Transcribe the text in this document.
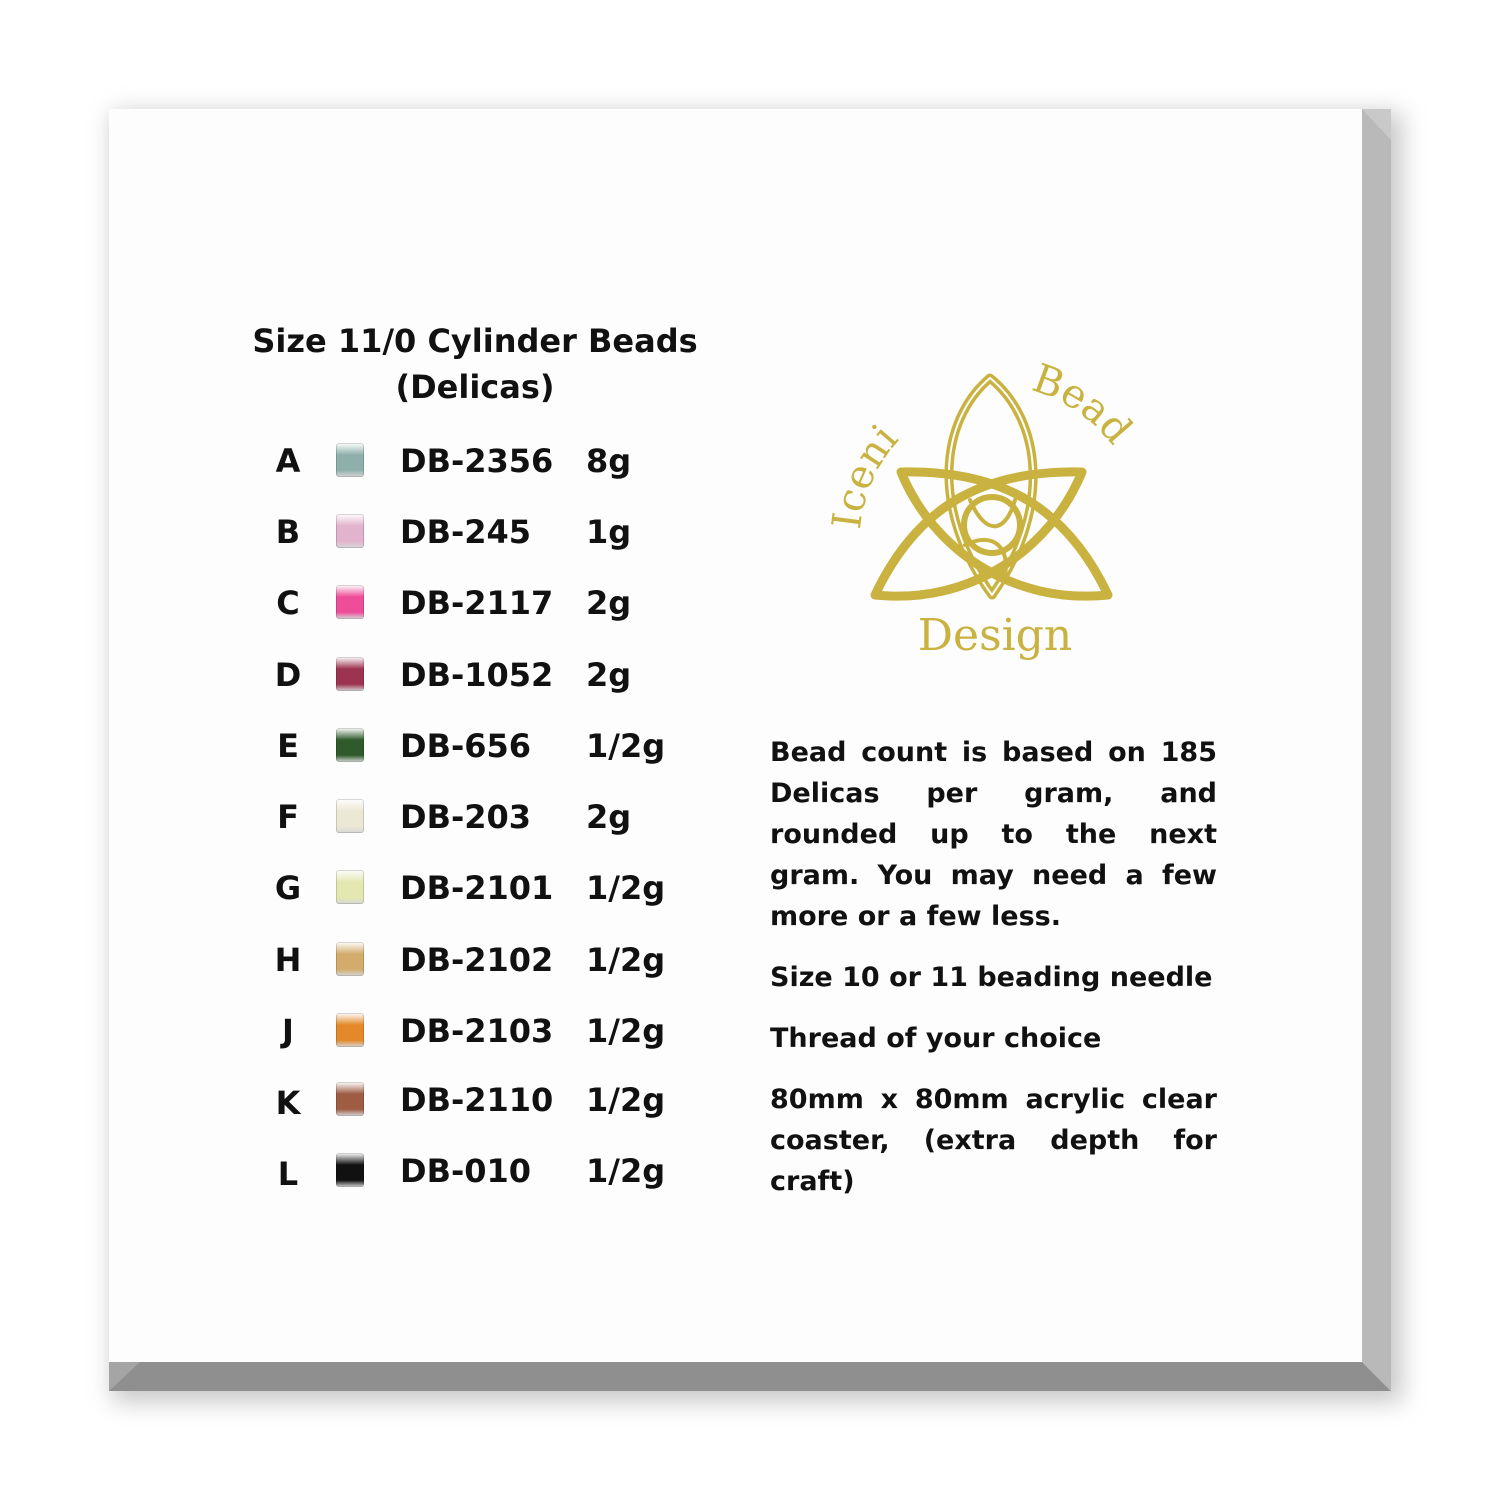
Size 11/0 Cylinder Beads
(Delicas)
A	DB-2356 8g
B	DB-245 1g
C	DB-2117 2g
D	DB-1052 2g
E	DB-656 1/2g
F	DB-203 2g
G	DB-2101 1/2g
H	DB-2102 1/2g
J	DB-2103 1/2g
K	DB-2110 1/2g
L	DB-010 1/2g
Iceni
Bead
Design

Bead count is based on 185 Delicas per gram, and rounded up to the next gram. You may need a few more or a few less.

Size 10 or 11 beading needle

Thread of your choice

80mm x 80mm acrylic clear coaster, (extra depth for craft)
